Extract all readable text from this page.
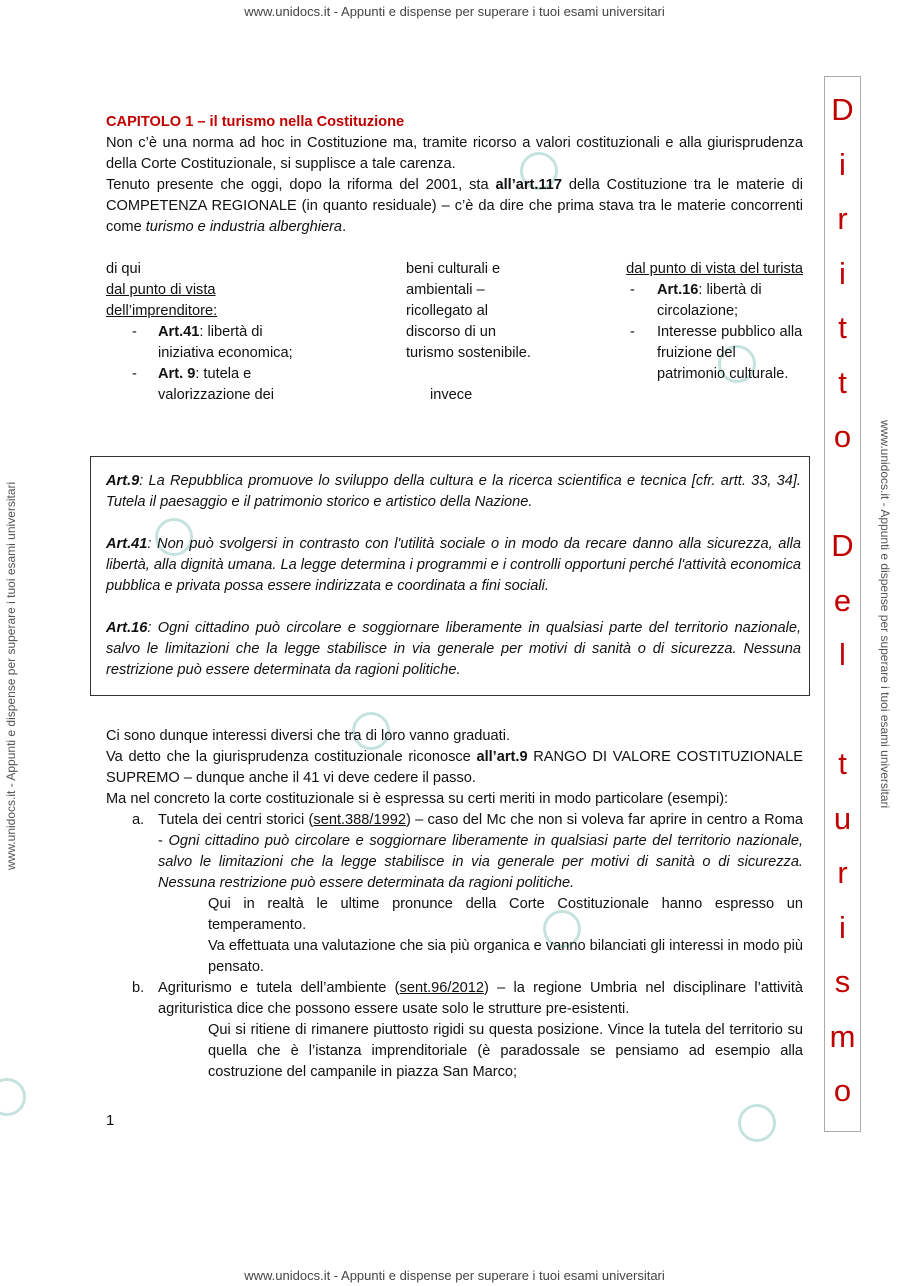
www.unidocs.it - Appunti e dispense per superare i tuoi esami universitari
www.unidocs.it - Appunti e dispense per superare i tuoi esami universitari
www.unidocs.it - Appunti e dispense per superare i tuoi esami universitari	www.unidocs.it - Appunti e dispense per superare i tuoi esami universitari
CAPITOLO 1 – il turismo nella Costituzione

Non c’è una norma ad hoc in Costituzione ma, tramite ricorso a valori costituzionali e alla giurisprudenza della Corte Costituzionale, si supplisce a tale carenza.

Tenuto presente che oggi, dopo la riforma del 2001, sta all’art.117 della Costituzione tra le materie di COMPETENZA REGIONALE (in quanto residuale) – c’è da dire che prima stava tra le materie concorrenti come turismo e industria alberghiera.

di qui
dal punto di vista
dell’imprenditore:
- Art.41: libertà di iniziativa economica;
- Art. 9: tutela e valorizzazione dei
beni culturali e ambientali – ricollegato al discorso di un turismo sostenibile.
invece
dal punto di vista del turista
- Art.16: libertà di circolazione;
- Interesse pubblico alla fruizione del patrimonio culturale.

Art.9: La Repubblica promuove lo sviluppo della cultura e la ricerca scientifica e tecnica [cfr. artt. 33, 34]. Tutela il paesaggio e il patrimonio storico e artistico della Nazione.

Art.41: Non può svolgersi in contrasto con l'utilità sociale o in modo da recare danno alla sicurezza, alla libertà, alla dignità umana. La legge determina i programmi e i controlli opportuni perché l'attività economica pubblica e privata possa essere indirizzata e coordinata a fini sociali.

Art.16: Ogni cittadino può circolare e soggiornare liberamente in qualsiasi parte del territorio nazionale, salvo le limitazioni che la legge stabilisce in via generale per motivi di sanità o di sicurezza. Nessuna restrizione può essere determinata da ragioni politiche.

Ci sono dunque interessi diversi che tra di loro vanno graduati.

Va detto che la giurisprudenza costituzionale riconosce all’art.9 RANGO DI VALORE COSTITUZIONALE SUPREMO – dunque anche il 41 vi deve cedere il passo.

Ma nel concreto la corte costituzionale si è espressa su certi meriti in modo particolare (esempi):

a. Tutela dei centri storici (sent.388/1992) – caso del Mc che non si voleva far aprire in centro a Roma - Ogni cittadino può circolare e soggiornare liberamente in qualsiasi parte del territorio nazionale, salvo le limitazioni che la legge stabilisce in via generale per motivi di sanità o di sicurezza. Nessuna restrizione può essere determinata da ragioni politiche.

Qui in realtà le ultime pronunce della Corte Costituzionale hanno espresso un temperamento.

Va effettuata una valutazione che sia più organica e vanno bilanciati gli interessi in modo più pensato.

b. Agriturismo e tutela dell’ambiente (sent.96/2012) – la regione Umbria nel disciplinare l’attività agrituristica dice che possono essere usate solo le strutture pre-esistenti.

Qui si ritiene di rimanere piuttosto rigidi su questa posizione. Vince la tutela del territorio su quella che è l’istanza imprenditoriale (è paradossale se pensiamo ad esempio alla costruzione del campanile in piazza San Marco;

1
D
i
r
i
t
t
o
D
e
l
t
u
r
i
s
m
o
